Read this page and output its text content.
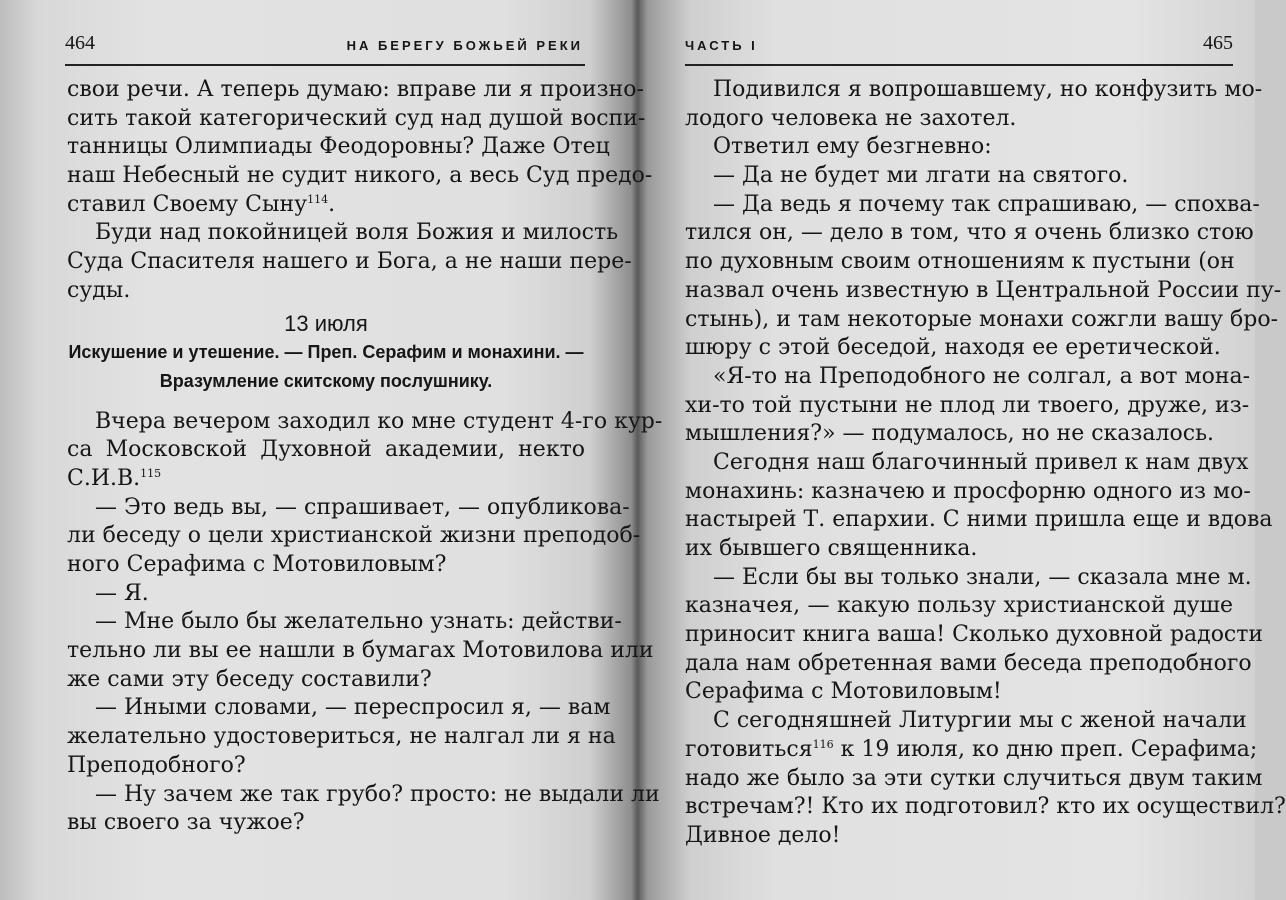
464	НА БЕРЕГУ БОЖЬЕЙ РЕКИ
свои речи. А теперь думаю: вправе ли я произно-
сить такой категорический суд над душой воспи-
танницы Олимпиады Феодоровны? Даже Отец
наш Небесный не судит никого, а весь Суд предо-
ставил Своему Сыну$^{114}$.
Буди над покойницей воля Божия и милость
Суда Спасителя нашего и Бога, а не наши пере-
суды.
13 июля
Искушение и утешение. — Преп. Серафим и монахини. —
Вразумление скитскому послушнику.
Вчера вечером заходил ко мне студент 4-го кур-
са Московской Духовной академии, некто
С.И.В.$^{115}$
— Это ведь вы, — спрашивает, — опубликова-
ли беседу о цели христианской жизни преподоб-
ного Серафима с Мотовиловым?
— Я.
— Мне было бы желательно узнать: действи-
тельно ли вы ее нашли в бумагах Мотовилова или
же сами эту беседу составили?
— Иными словами, — переспросил я, — вам
желательно удостовериться, не налгал ли я на
Преподобного?
— Ну зачем же так грубо? просто: не выдали ли
вы своего за чужое?
ЧАСТЬ I	465
Подивился я вопрошавшему, но конфузить мо-
лодого человека не захотел.
Ответил ему безгневно:
— Да не будет ми лгати на святого.
— Да ведь я почему так спрашиваю, — спохва-
тился он, — дело в том, что я очень близко стою
по духовным своим отношениям к пустыни (он
назвал очень известную в Центральной России пу-
стынь), и там некоторые монахи сожгли вашу бро-
шюру с этой беседой, находя ее еретической.
«Я-то на Преподобного не солгал, а вот мона-
хи-то той пустыни не плод ли твоего, друже, из-
мышления?» — подумалось, но не сказалось.
Сегодня наш благочинный привел к нам двух
монахинь: казначею и просфорню одного из мо-
настырей Т. епархии. С ними пришла еще и вдова
их бывшего священника.
— Если бы вы только знали, — сказала мне м.
казначея, — какую пользу христианской душе
приносит книга ваша! Сколько духовной радости
дала нам обретенная вами беседа преподобного
Серафима с Мотовиловым!
С сегодняшней Литургии мы с женой начали
готовиться$^{116}$ к 19 июля, ко дню преп. Серафима;
надо же было за эти сутки случиться двум таким
встречам?! Кто их подготовил? кто их осуществил?
Дивное дело!
